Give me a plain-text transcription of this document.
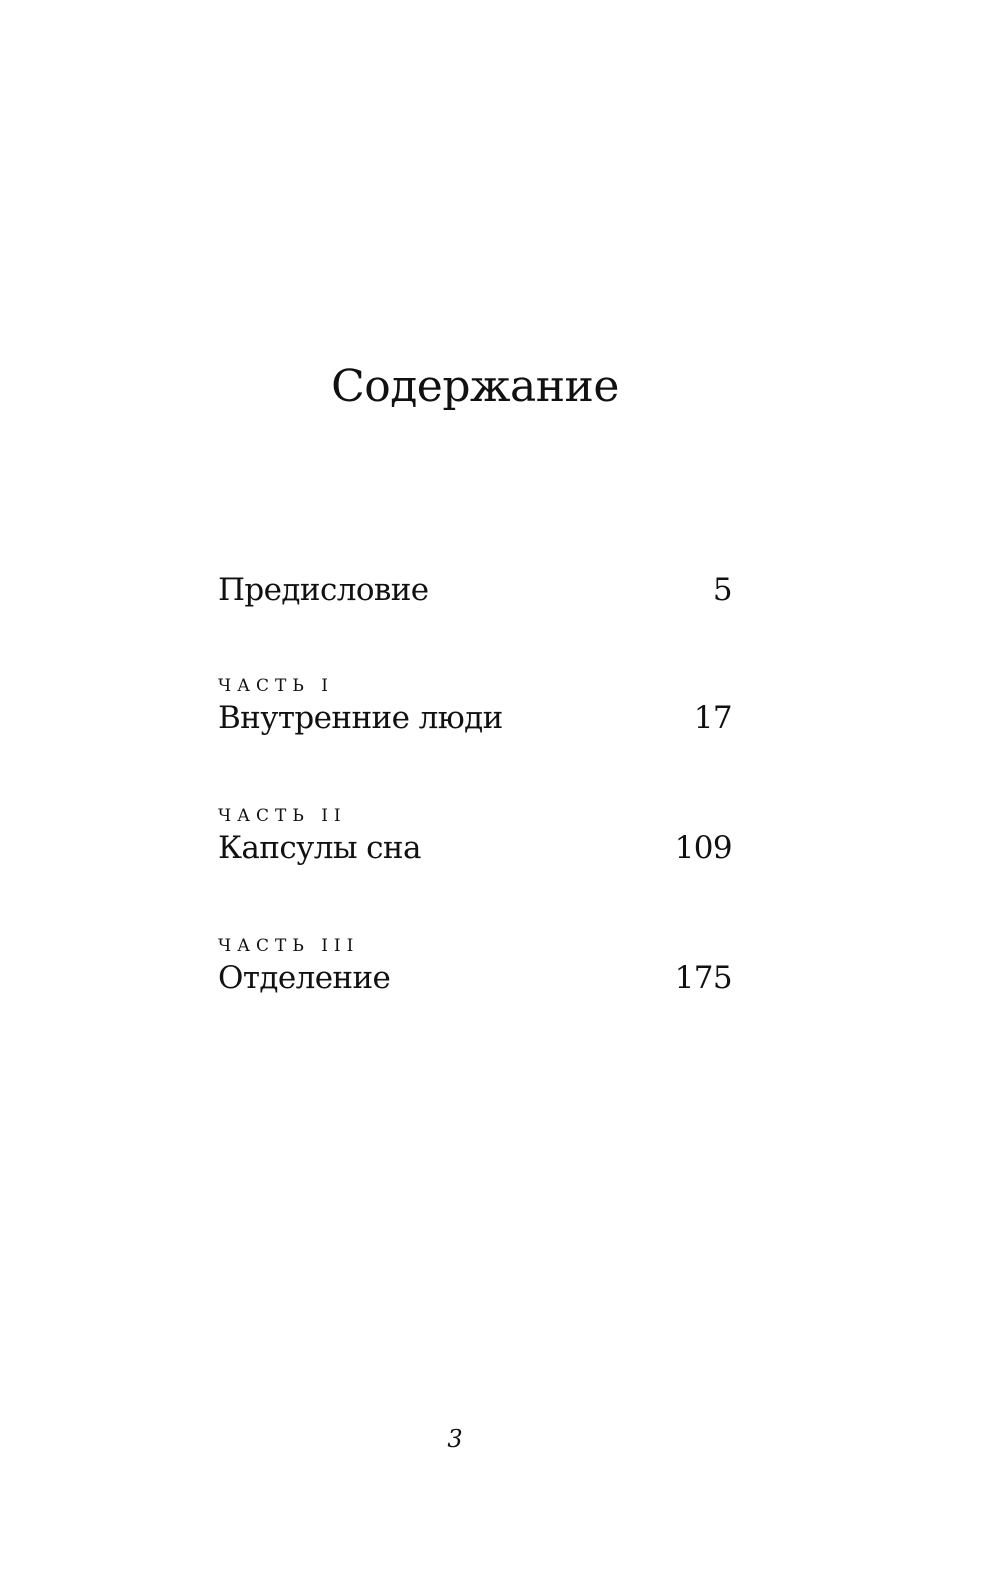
Содержание
Предисловие	5
ЧАСТЬ I
Внутренние люди	17
ЧАСТЬ II
Капсулы сна	109
ЧАСТЬ III
Отделение	175
3
